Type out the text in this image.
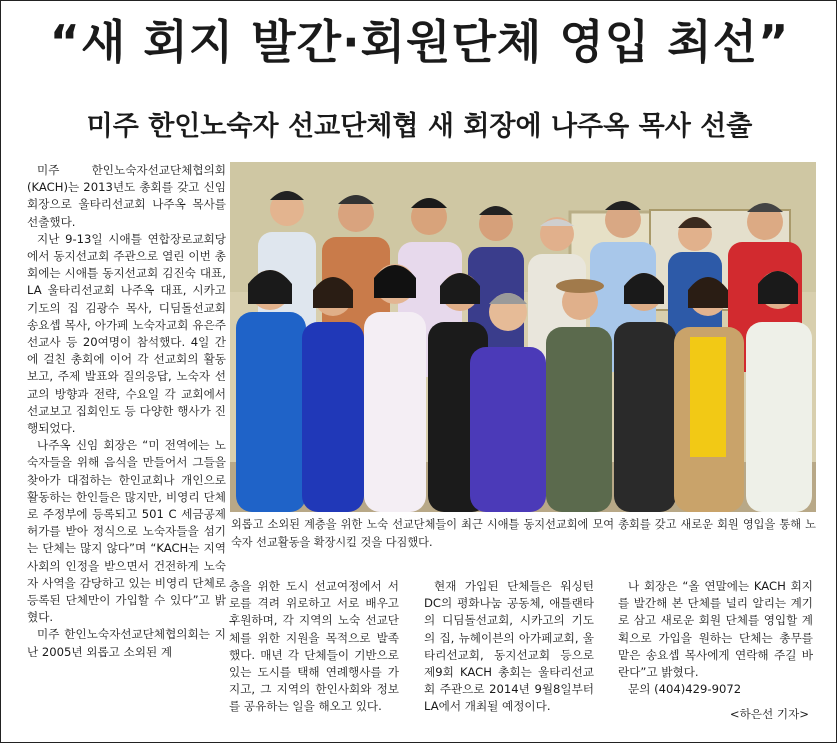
“새 회지 발간·회원단체 영입 최선”
미주 한인노숙자 선교단체협 새 회장에 나주옥 목사 선출

미주 한인노숙자선교단체협의회(KACH)는 2013년도 총회를 갖고 신임 회장으로 울타리선교회 나주옥 목사를 선출했다.

지난 9-13일 시애틀 연합장로교회당에서 동지선교회 주관으로 열린 이번 총회에는 시애틀 동지선교회 김진숙 대표, LA 울타리선교회 나주옥 대표, 시카고 기도의 집 김광수 목사, 디딤돌선교회 송요셉 목사, 아가페 노숙자교회 유은주 선교사 등 20여명이 참석했다. 4일 간에 걸친 총회에 이어 각 선교회의 활동보고, 주제 발표와 질의응답, 노숙자 선교의 방향과 전략, 수요일 각 교회에서 선교보고 집회인도 등 다양한 행사가 진행되었다.

나주옥 신임 회장은 “미 전역에는 노숙자들을 위해 음식을 만들어서 그들을 찾아가 대접하는 한인교회나 개인으로 활동하는 한인들은 많지만, 비영리 단체로 주정부에 등록되고 501 C 세금공제 허가를 받아 정식으로 노숙자들을 섬기는 단체는 많지 않다”며 “KACH는 지역 사회의 인정을 받으면서 건전하게 노숙자 사역을 감당하고 있는 비영리 단체로 등록된 단체만이 가입할 수 있다”고 밝혔다.

미주 한인노숙자선교단체협의회는 지난 2005년 외롭고 소외된 계

외롭고 소외된 계층을 위한 노숙 선교단체들이 최근 시애틀 동지선교회에 모여 총회를 갖고 새로운 회원 영입을 통해 노숙자 선교활동을 확장시킬 것을 다짐했다.

층을 위한 도시 선교여정에서 서로를 격려 위로하고 서로 배우고 후원하며, 각 지역의 노숙 선교단체를 위한 지원을 목적으로 발족했다. 매년 각 단체들이 기반으로 있는 도시를 택해 연례행사를 가지고, 그 지역의 한인사회와 정보를 공유하는 일을 해오고 있다.

현재 가입된 단체들은 워싱턴 DC의 평화나눔 공동체, 애틀랜타의 디딤돌선교회, 시카고의 기도의 집, 뉴헤이븐의 아가페교회, 울타리선교회, 동지선교회 등으로 제9회 KACH 총회는 울타리선교회 주관으로 2014년 9월8일부터 LA에서 개최될 예정이다.

나 회장은 “올 연말에는 KACH 회지를 발간해 본 단체를 널리 알리는 계기로 삼고 새로운 회원 단체를 영입할 계획으로 가입을 원하는 단체는 총무를 맡은 송요셉 목사에게 연락해 주길 바란다”고 밝혔다.

문의 (404)429-9072

<하은선 기자>
